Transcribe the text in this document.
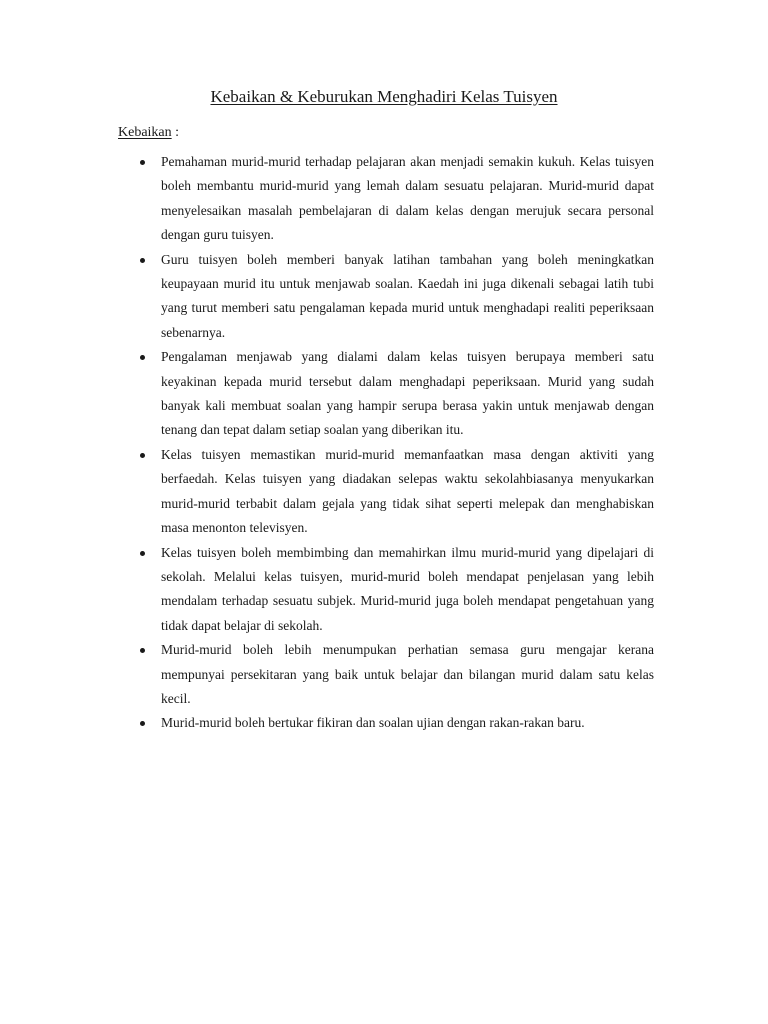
Kebaikan & Keburukan Menghadiri Kelas Tuisyen
Kebaikan :
Pemahaman murid-murid terhadap pelajaran akan menjadi semakin kukuh. Kelas tuisyen boleh membantu murid-murid yang lemah dalam sesuatu pelajaran. Murid-murid dapat menyelesaikan masalah pembelajaran di dalam kelas dengan merujuk secara personal dengan guru tuisyen.
Guru tuisyen boleh memberi banyak latihan tambahan yang boleh meningkatkan keupayaan murid itu untuk menjawab soalan. Kaedah ini juga dikenali sebagai latih tubi yang turut memberi satu pengalaman kepada murid untuk menghadapi realiti peperiksaan sebenarnya.
Pengalaman menjawab yang dialami dalam kelas tuisyen berupaya memberi satu keyakinan kepada murid tersebut dalam menghadapi peperiksaan. Murid yang sudah banyak kali membuat soalan yang hampir serupa berasa yakin untuk menjawab dengan tenang dan tepat dalam setiap soalan yang diberikan itu.
Kelas tuisyen memastikan murid-murid memanfaatkan masa dengan aktiviti yang berfaedah. Kelas tuisyen yang diadakan selepas waktu sekolahbiasanya menyukarkan murid-murid terbabit dalam gejala yang tidak sihat seperti melepak dan menghabiskan masa menonton televisyen.
Kelas tuisyen boleh membimbing dan memahirkan ilmu murid-murid yang dipelajari di sekolah. Melalui kelas tuisyen, murid-murid boleh mendapat penjelasan yang lebih mendalam terhadap sesuatu subjek. Murid-murid juga boleh mendapat pengetahuan yang tidak dapat belajar di sekolah.
Murid-murid boleh lebih menumpukan perhatian semasa guru mengajar kerana mempunyai persekitaran yang baik untuk belajar dan bilangan murid dalam satu kelas kecil.
Murid-murid boleh bertukar fikiran dan soalan ujian dengan rakan-rakan baru.
